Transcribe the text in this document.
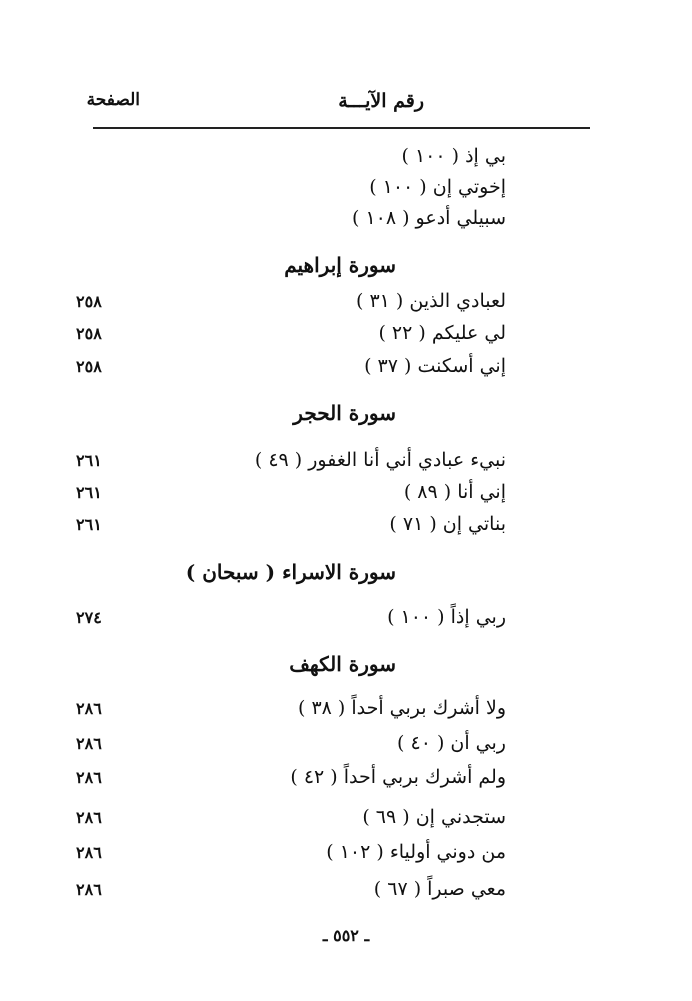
الصفحة	رقم الآيـــة
بي إذ ( ١٠٠ )
إخوتي إن ( ١٠٠ )
سبيلي أدعو ( ١٠٨ )
سورة إبراهيم
لعبادي الذين ( ٣١ )
٢٥٨
لي عليكم ( ٢٢ )
٢٥٨
إني أسكنت ( ٣٧ )
٢٥٨
سورة الحجر
نبيء عبادي أني أنا الغفور ( ٤٩ )
٢٦١
إني أنا ( ٨٩ )
٢٦١
بناتي إن ( ٧١ )
٢٦١
سورة الاسراء ( سبحان )
ربي إذاً ( ١٠٠ )
٢٧٤
سورة الكهف
ولا أشرك بربي أحداً ( ٣٨ )
٢٨٦
ربي أن ( ٤٠ )
٢٨٦
ولم أشرك بربي أحداً ( ٤٢ )
٢٨٦
ستجدني إن ( ٦٩ )
٢٨٦
من دوني أولياء ( ١٠٢ )
٢٨٦
معي صبراً ( ٦٧ )
٢٨٦
ـ ٥٥٢ ـ
